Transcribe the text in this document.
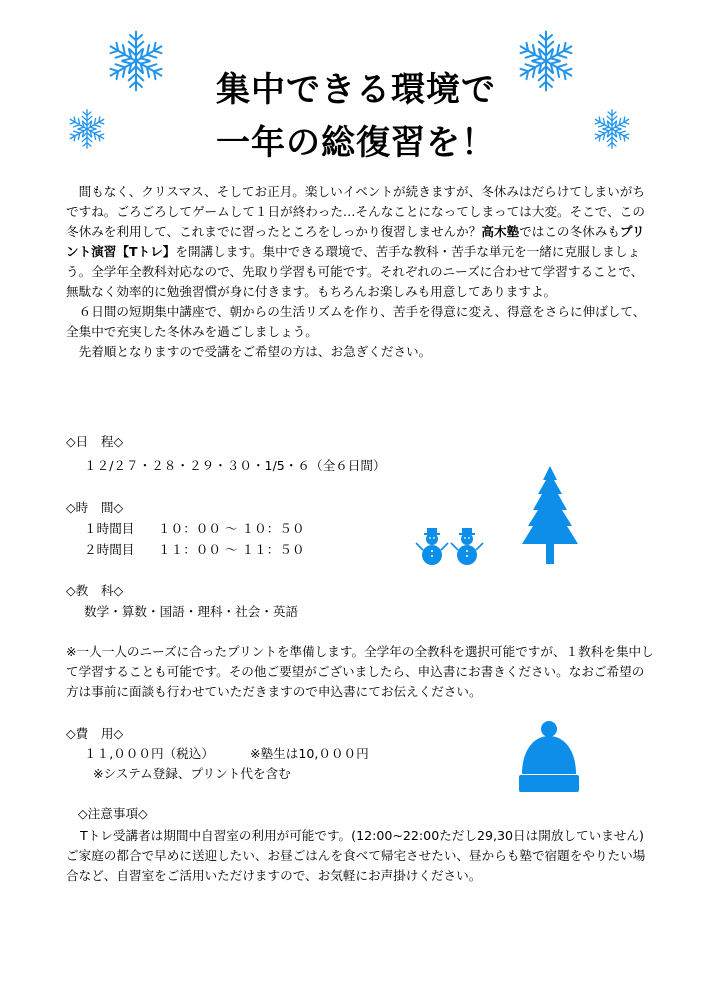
集中できる環境で
一年の総復習を！

　間もなく、クリスマス、そしてお正月。楽しいイベントが続きますが、冬休みはだらけてしまいがちですね。ごろごろしてゲームして１日が終わった…そんなことになってしまっては大変。そこで、この冬休みを利用して、これまでに習ったところをしっかり復習しませんか？高木塾ではこの冬休みもプリント演習【Tトレ】を開講します。集中できる環境で、苦手な教科・苦手な単元を一緒に克服しましょう。全学年全教科対応なので、先取り学習も可能です。それぞれのニーズに合わせて学習することで、無駄なく効率的に勉強習慣が身に付きます。もちろんお楽しみも用意してありますよ。

　６日間の短期集中講座で、朝からの生活リズムを作り、苦手を得意に変え、得意をさらに伸ばして、全集中で充実した冬休みを過ごしましょう。

　先着順となりますので受講をご希望の方は、お急ぎください。

◇日　程◇
１２/２７・２８・２９・３０・1/5・６（全６日間）
◇時　間◇
１時間目 １０：００ 〜 １０：５０
２時間目 １１：００ 〜 １１：５０
◇教　科◇
数学・算数・国語・理科・社会・英語
※一人一人のニーズに合ったプリントを準備します。全学年の全教科を選択可能ですが、１教科を集中して学習することも可能です。その他ご要望がございましたら、申込書にお書きください。なおご希望の方は事前に面談も行わせていただきますので申込書にてお伝えください。
◇費　用◇
１１,０００円（税込）	※塾生は10,０００円
※システム登録、プリント代を含む
◇注意事項◇

Tトレ受講者は期間中自習室の利用が可能です。(12:00~22:00ただし29,30日は開放していません)ご家庭の都合で早めに送迎したい、お昼ごはんを食べて帰宅させたい、昼からも塾で宿題をやりたい場合など、自習室をご活用いただけますので、お気軽にお声掛けください。
